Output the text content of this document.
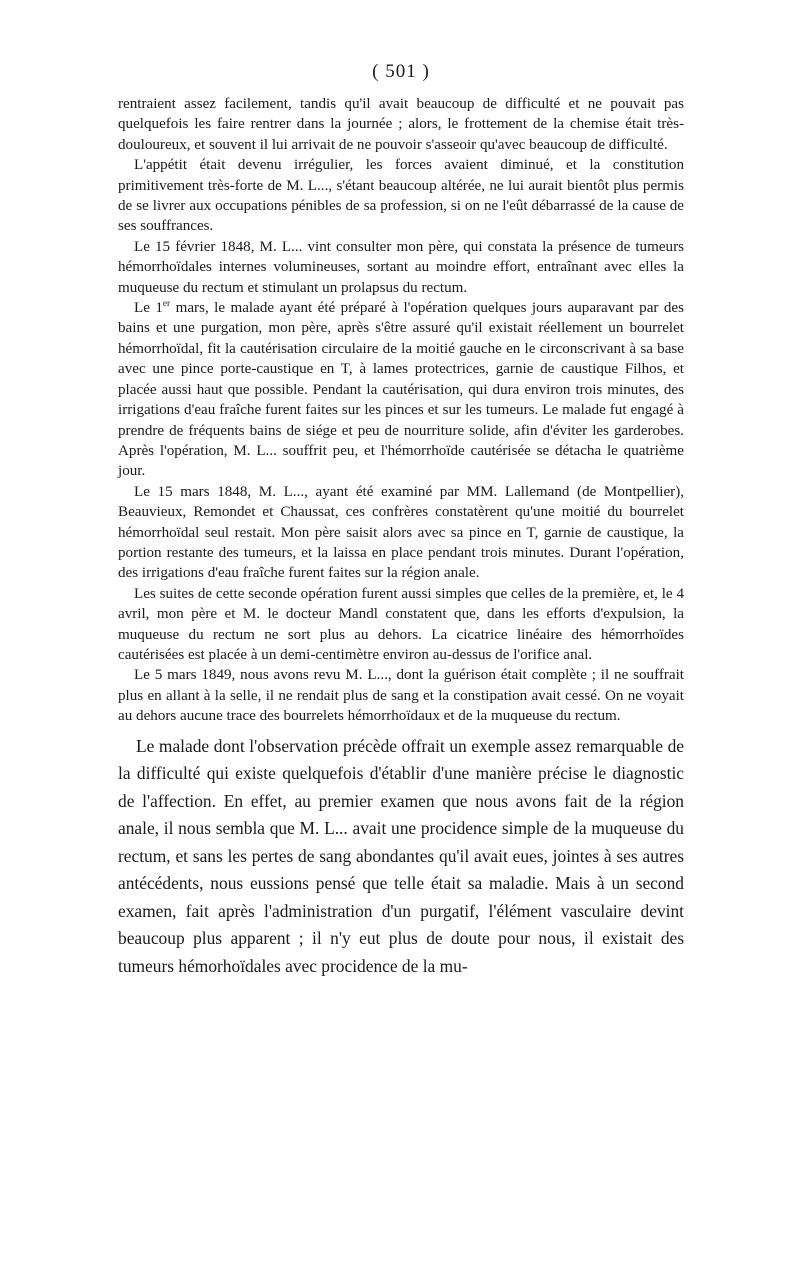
( 501 )

rentraient assez facilement, tandis qu'il avait beaucoup de difficulté et ne pouvait pas quelquefois les faire rentrer dans la journée ; alors, le frottement de la chemise était très-douloureux, et souvent il lui arrivait de ne pouvoir s'asseoir qu'avec beaucoup de difficulté.

L'appétit était devenu irrégulier, les forces avaient diminué, et la constitution primitivement très-forte de M. L..., s'étant beaucoup altérée, ne lui aurait bientôt plus permis de se livrer aux occupations pénibles de sa profession, si on ne l'eût débarrassé de la cause de ses souffrances.

Le 15 février 1848, M. L... vint consulter mon père, qui constata la présence de tumeurs hémorrhoïdales internes volumineuses, sortant au moindre effort, entraînant avec elles la muqueuse du rectum et stimulant un prolapsus du rectum.

Le 1er mars, le malade ayant été préparé à l'opération quelques jours auparavant par des bains et une purgation, mon père, après s'être assuré qu'il existait réellement un bourrelet hémorrhoïdal, fit la cautérisation circulaire de la moitié gauche en le circonscrivant à sa base avec une pince porte-caustique en T, à lames protectrices, garnie de caustique Filhos, et placée aussi haut que possible. Pendant la cautérisation, qui dura environ trois minutes, des irrigations d'eau fraîche furent faites sur les pinces et sur les tumeurs. Le malade fut engagé à prendre de fréquents bains de siége et peu de nourriture solide, afin d'éviter les garderobes. Après l'opération, M. L... souffrit peu, et l'hémorrhoïde cautérisée se détacha le quatrième jour.

Le 15 mars 1848, M. L..., ayant été examiné par MM. Lallemand (de Montpellier), Beauvieux, Remondet et Chaussat, ces confrères constatèrent qu'une moitié du bourrelet hémorrhoïdal seul restait. Mon père saisit alors avec sa pince en T, garnie de caustique, la portion restante des tumeurs, et la laissa en place pendant trois minutes. Durant l'opération, des irrigations d'eau fraîche furent faites sur la région anale.

Les suites de cette seconde opération furent aussi simples que celles de la première, et, le 4 avril, mon père et M. le docteur Mandl constatent que, dans les efforts d'expulsion, la muqueuse du rectum ne sort plus au dehors. La cicatrice linéaire des hémorrhoïdes cautérisées est placée à un demi-centimètre environ au-dessus de l'orifice anal.

Le 5 mars 1849, nous avons revu M. L..., dont la guérison était complète ; il ne souffrait plus en allant à la selle, il ne rendait plus de sang et la constipation avait cessé. On ne voyait au dehors aucune trace des bourrelets hémorrhoïdaux et de la muqueuse du rectum.

Le malade dont l'observation précède offrait un exemple assez remarquable de la difficulté qui existe quelquefois d'établir d'une manière précise le diagnostic de l'affection. En effet, au premier examen que nous avons fait de la région anale, il nous sembla que M. L... avait une procidence simple de la muqueuse du rectum, et sans les pertes de sang abondantes qu'il avait eues, jointes à ses autres antécédents, nous eussions pensé que telle était sa maladie. Mais à un second examen, fait après l'administration d'un purgatif, l'élément vasculaire devint beaucoup plus apparent ; il n'y eut plus de doute pour nous, il existait des tumeurs hémorhoïdales avec procidence de la mu-
